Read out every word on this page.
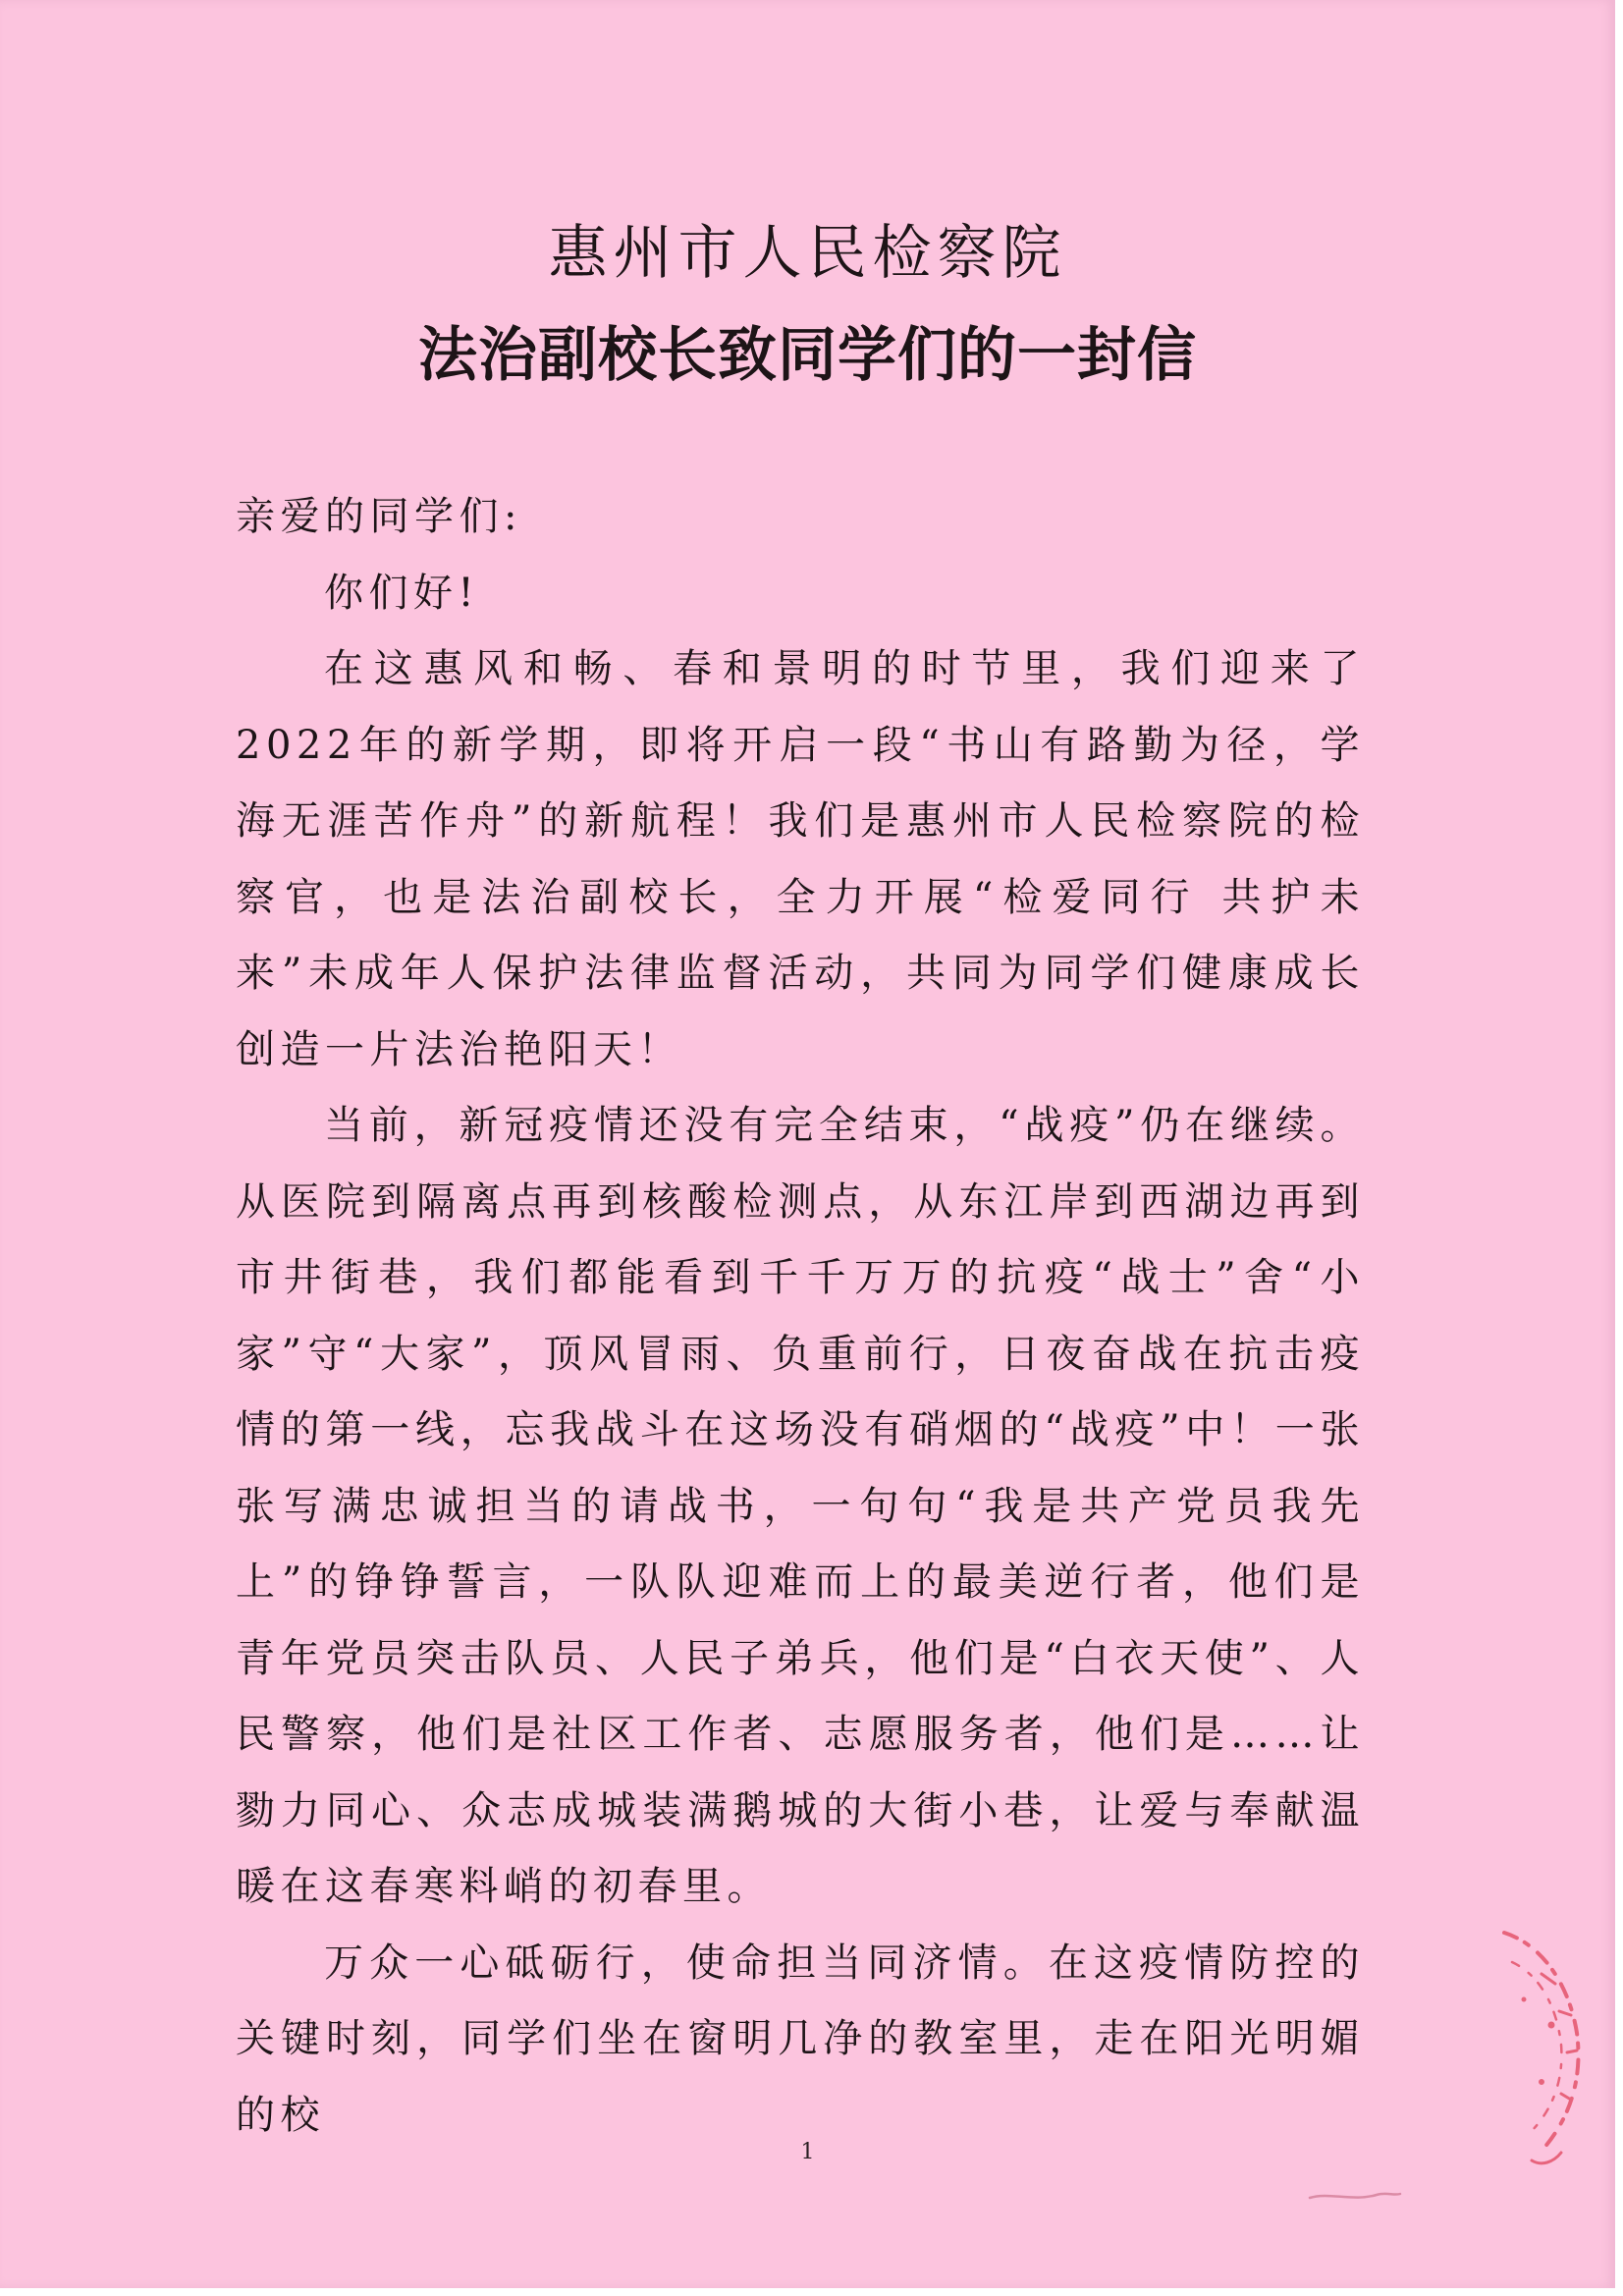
惠州市人民检察院
法治副校长致同学们的一封信

亲爱的同学们:

你们好!

在这惠风和畅、春和景明的时节里，我们迎来了2022年的新学期，即将开启一段“书山有路勤为径，学海无涯苦作舟”的新航程！我们是惠州市人民检察院的检察官，也是法治副校长，全力开展“检爱同行 共护未来”未成年人保护法律监督活动，共同为同学们健康成长创造一片法治艳阳天！

当前，新冠疫情还没有完全结束，“战疫”仍在继续。从医院到隔离点再到核酸检测点，从东江岸到西湖边再到市井街巷，我们都能看到千千万万的抗疫“战士”舍“小家”守“大家”，顶风冒雨、负重前行，日夜奋战在抗击疫情的第一线，忘我战斗在这场没有硝烟的“战疫”中！一张张写满忠诚担当的请战书，一句句“我是共产党员我先上”的铮铮誓言，一队队迎难而上的最美逆行者，他们是青年党员突击队员、人民子弟兵，他们是“白衣天使”、人民警察，他们是社区工作者、志愿服务者，他们是……让勠力同心、众志成城装满鹅城的大街小巷，让爱与奉献温暖在这春寒料峭的初春里。

万众一心砥砺行，使命担当同济情。在这疫情防控的关键时刻，同学们坐在窗明几净的教室里，走在阳光明媚的校

1
